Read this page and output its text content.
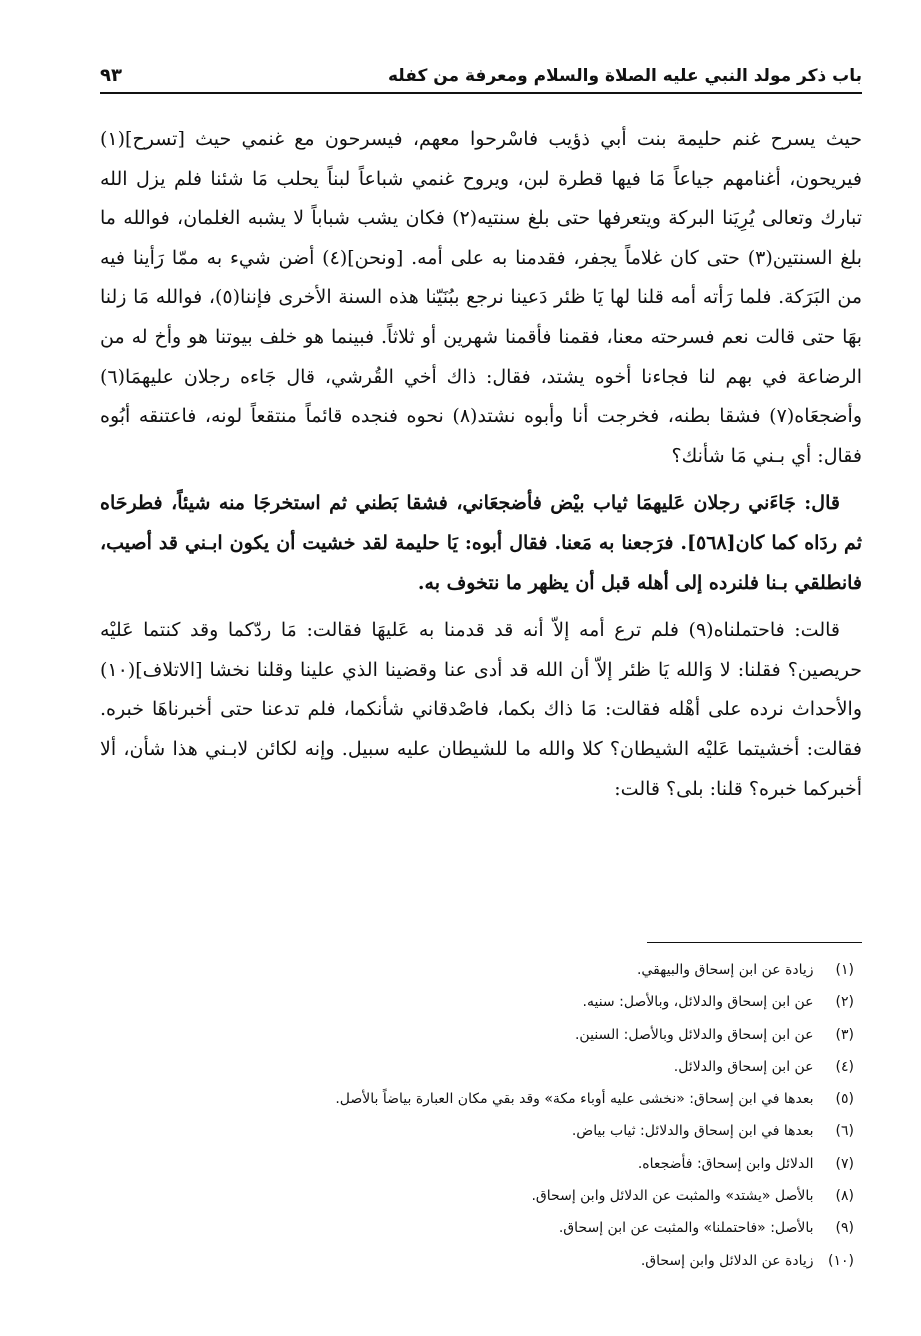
باب ذكر مولد النبي عليه الصلاة والسلام ومعرفة من كفله
٩٣

حيث يسرح غنم حليمة بنت أبي ذؤيب فاسْرحوا معهم، فيسرحون مع غنمي حيث [تسرح](١) فيريحون، أغنامهم جياعاً مَا فيها قطرة لبن، ويروح غنمي شباعاً لبناً يحلب مَا شئنا فلم يزل الله تبارك وتعالى يُرِيَنا البركة ويتعرفها حتى بلغ سنتيه(٢) فكان يشب شباباً لا يشبه الغلمان، فوالله ما بلغ السنتين(٣) حتى كان غلاماً يجفر، فقدمنا به على أمه. [ونحن](٤) أضن شيء به ممّا رَأينا فيه من البَرَكة. فلما رَأته أمه قلنا لها يَا ظئر دَعينا نرجع ببُنَيّنا هذه السنة الأخرى فإننا(٥)، فوالله مَا زلنا بهَا حتى قالت نعم فسرحته معنا، فقمنا فأقمنا شهرين أو ثلاثاً. فبينما هو خلف بيوتنا هو وأخ له من الرضاعة في بهم لنا فجاءنا أخوه يشتد، فقال: ذاك أخي القُرشي، قال جَاءه رجلان عليهمَا(٦) وأضجعَاه(٧) فشقا بطنه، فخرجت أنا وأبوه نشتد(٨) نحوه فنجده قائماً منتقعاً لونه، فاعتنقه أبُوه فقال: أي بـني مَا شأنك؟

قال: جَاءَني رجلان عَليهمَا ثياب بيْض فأضجعَاني، فشقا بَطني ثم استخرجَا منه شيئاً، فطرحَاه ثم ردَاه كما كان[٥٦٨]. فرَجعنا به مَعنا. فقال أبوه: يَا حليمة لقد خشيت أن يكون ابـني قد أصيب، فانطلقي بـنا فلنرده إلى أهله قبل أن يظهر ما نتخوف به.

قالت: فاحتملناه(٩) فلم ترع أمه إلاّ أنه قد قدمنا به عَليهَا فقالت: مَا ردّكما وقد كنتما عَليْه حريصين؟ فقلنا: لا وَالله يَا ظئر إلاّ أن الله قد أدى عنا وقضينا الذي علينا وقلنا نخشا [الاتلاف](١٠) والأحداث نرده على أهْله فقالت: مَا ذاك بكما، فاصْدقاني شأنكما، فلم تدعنا حتى أخبرناهَا خبره. فقالت: أخشيتما عَليْه الشيطان؟ كلا والله ما للشيطان عليه سبيل. وإنه لكائن لابـني هذا شأن، ألا أخبركما خبره؟ قلنا: بلى؟ قالت:

(١) زيادة عن ابن إسحاق والبيهقي.
(٢) عن ابن إسحاق والدلائل، وبالأصل: سنيه.
(٣) عن ابن إسحاق والدلائل وبالأصل: السنين.
(٤) عن ابن إسحاق والدلائل.
(٥) بعدها في ابن إسحاق: «نخشى عليه أوباء مكة» وقد بقي مكان العبارة بياضاً بالأصل.
(٦) بعدها في ابن إسحاق والدلائل: ثياب بياض.
(٧) الدلائل وابن إسحاق: فأضجعاه.
(٨) بالأصل «يشتد» والمثبت عن الدلائل وابن إسحاق.
(٩) بالأصل: «فاحتملنا» والمثبت عن ابن إسحاق.
(١٠) زيادة عن الدلائل وابن إسحاق.
